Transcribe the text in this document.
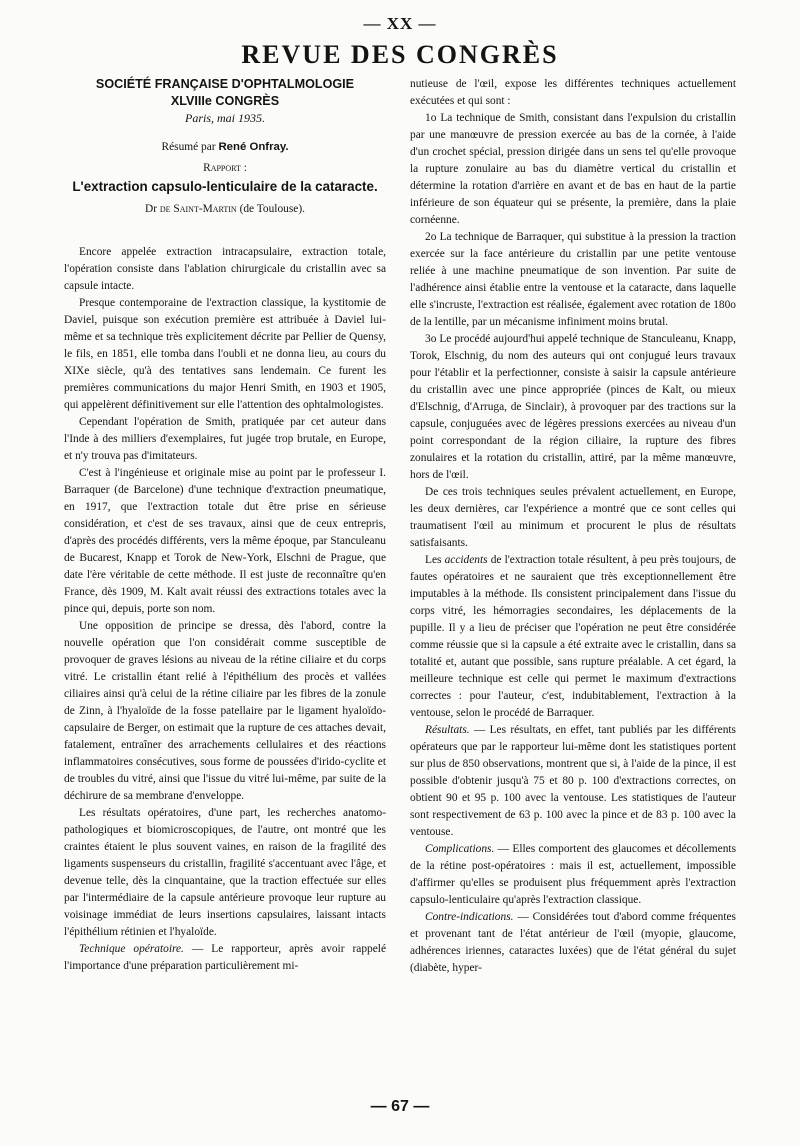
— XX —
REVUE DES CONGRÈS
SOCIÉTÉ FRANÇAISE D'OPHTALMOLOGIE
XLVIIIe CONGRÈS
Paris, mai 1935.
Résumé par René Onfray.
Rapport :
L'extraction capsulo-lenticulaire de la cataracte.
Dr de Saint-Martin (de Toulouse).

Encore appelée extraction intracapsulaire, extraction totale, l'opération consiste dans l'ablation chirurgicale du cristallin avec sa capsule intacte.

Presque contemporaine de l'extraction classique, la kystitomie de Daviel, puisque son exécution première est attribuée à Daviel lui-même et sa technique très explicitement décrite par Pellier de Quensy, le fils, en 1851, elle tomba dans l'oubli et ne donna lieu, au cours du XIXe siècle, qu'à des tentatives sans lendemain. Ce furent les premières communications du major Henri Smith, en 1903 et 1905, qui appelèrent définitivement sur elle l'attention des ophtalmologistes.

Cependant l'opération de Smith, pratiquée par cet auteur dans l'Inde à des milliers d'exemplaires, fut jugée trop brutale, en Europe, et n'y trouva pas d'imitateurs.

C'est à l'ingénieuse et originale mise au point par le professeur I. Barraquer (de Barcelone) d'une technique d'extraction pneumatique, en 1917, que l'extraction totale dut être prise en sérieuse considération, et c'est de ses travaux, ainsi que de ceux entrepris, d'après des procédés différents, vers la même époque, par Stanculeanu de Bucarest, Knapp et Torok de New-York, Elschni de Prague, que date l'ère véritable de cette méthode. Il est juste de reconnaître qu'en France, dès 1909, M. Kalt avait réussi des extractions totales avec la pince qui, depuis, porte son nom.

Une opposition de principe se dressa, dès l'abord, contre la nouvelle opération que l'on considérait comme susceptible de provoquer de graves lésions au niveau de la rétine ciliaire et du corps vitré. Le cristallin étant relié à l'épithélium des procès et vallées ciliaires ainsi qu'à celui de la rétine ciliaire par les fibres de la zonule de Zinn, à l'hyaloïde de la fosse patellaire par le ligament hyaloïdo-capsulaire de Berger, on estimait que la rupture de ces attaches devait, fatalement, entraîner des arrachements cellulaires et des réactions inflammatoires consécutives, sous forme de poussées d'irido-cyclite et de troubles du vitré, ainsi que l'issue du vitré lui-même, par suite de la déchirure de sa membrane d'enveloppe.

Les résultats opératoires, d'une part, les recherches anatomo-pathologiques et biomicroscopiques, de l'autre, ont montré que les craintes étaient le plus souvent vaines, en raison de la fragilité des ligaments suspenseurs du cristallin, fragilité s'accentuant avec l'âge, et devenue telle, dès la cinquantaine, que la traction effectuée sur elles par l'intermédiaire de la capsule antérieure provoque leur rupture au voisinage immédiat de leurs insertions capsulaires, laissant intacts l'épithélium rétinien et l'hyaloïde.

Technique opératoire. — Le rapporteur, après avoir rappelé l'importance d'une préparation particulièrement mi-

nutieuse de l'œil, expose les différentes techniques actuellement exécutées et qui sont :

1o La technique de Smith, consistant dans l'expulsion du cristallin par une manœuvre de pression exercée au bas de la cornée, à l'aide d'un crochet spécial, pression dirigée dans un sens tel qu'elle provoque la rupture zonulaire au bas du diamètre vertical du cristallin et détermine la rotation d'arrière en avant et de bas en haut de la partie inférieure de son équateur qui se présente, la première, dans la plaie cornéenne.

2o La technique de Barraquer, qui substitue à la pression la traction exercée sur la face antérieure du cristallin par une petite ventouse reliée à une machine pneumatique de son invention. Par suite de l'adhérence ainsi établie entre la ventouse et la cataracte, dans laquelle elle s'incruste, l'extraction est réalisée, également avec rotation de 180o de la lentille, par un mécanisme infiniment moins brutal.

3o Le procédé aujourd'hui appelé technique de Stanculeanu, Knapp, Torok, Elschnig, du nom des auteurs qui ont conjugué leurs travaux pour l'établir et la perfectionner, consiste à saisir la capsule antérieure du cristallin avec une pince appropriée (pinces de Kalt, ou mieux d'Elschnig, d'Arruga, de Sinclair), à provoquer par des tractions sur la capsule, conjuguées avec de légères pressions exercées au niveau d'un point correspondant de la région ciliaire, la rupture des fibres zonulaires et la rotation du cristallin, attiré, par la même manœuvre, hors de l'œil.

De ces trois techniques seules prévalent actuellement, en Europe, les deux dernières, car l'expérience a montré que ce sont celles qui traumatisent l'œil au minimum et procurent le plus de résultats satisfaisants.

Les accidents de l'extraction totale résultent, à peu près toujours, de fautes opératoires et ne sauraient que très exceptionnellement être imputables à la méthode. Ils consistent principalement dans l'issue du corps vitré, les hémorragies secondaires, les déplacements de la pupille. Il y a lieu de préciser que l'opération ne peut être considérée comme réussie que si la capsule a été extraite avec le cristallin, dans sa totalité et, autant que possible, sans rupture préalable. A cet égard, la meilleure technique est celle qui permet le maximum d'extractions correctes : pour l'auteur, c'est, indubitablement, l'extraction à la ventouse, selon le procédé de Barraquer.

Résultats. — Les résultats, en effet, tant publiés par les différents opérateurs que par le rapporteur lui-même dont les statistiques portent sur plus de 850 observations, montrent que si, à l'aide de la pince, il est possible d'obtenir jusqu'à 75 et 80 p. 100 d'extractions correctes, on obtient 90 et 95 p. 100 avec la ventouse. Les statistiques de l'auteur sont respectivement de 63 p. 100 avec la pince et de 83 p. 100 avec la ventouse.

Complications. — Elles comportent des glaucomes et décollements de la rétine post-opératoires : mais il est, actuellement, impossible d'affirmer qu'elles se produisent plus fréquemment après l'extraction capsulo-lenticulaire qu'après l'extraction classique.

Contre-indications. — Considérées tout d'abord comme fréquentes et provenant tant de l'état antérieur de l'œil (myopie, glaucome, adhérences iriennes, cataractes luxées) que de l'état général du sujet (diabète, hyper-

— 67 —
